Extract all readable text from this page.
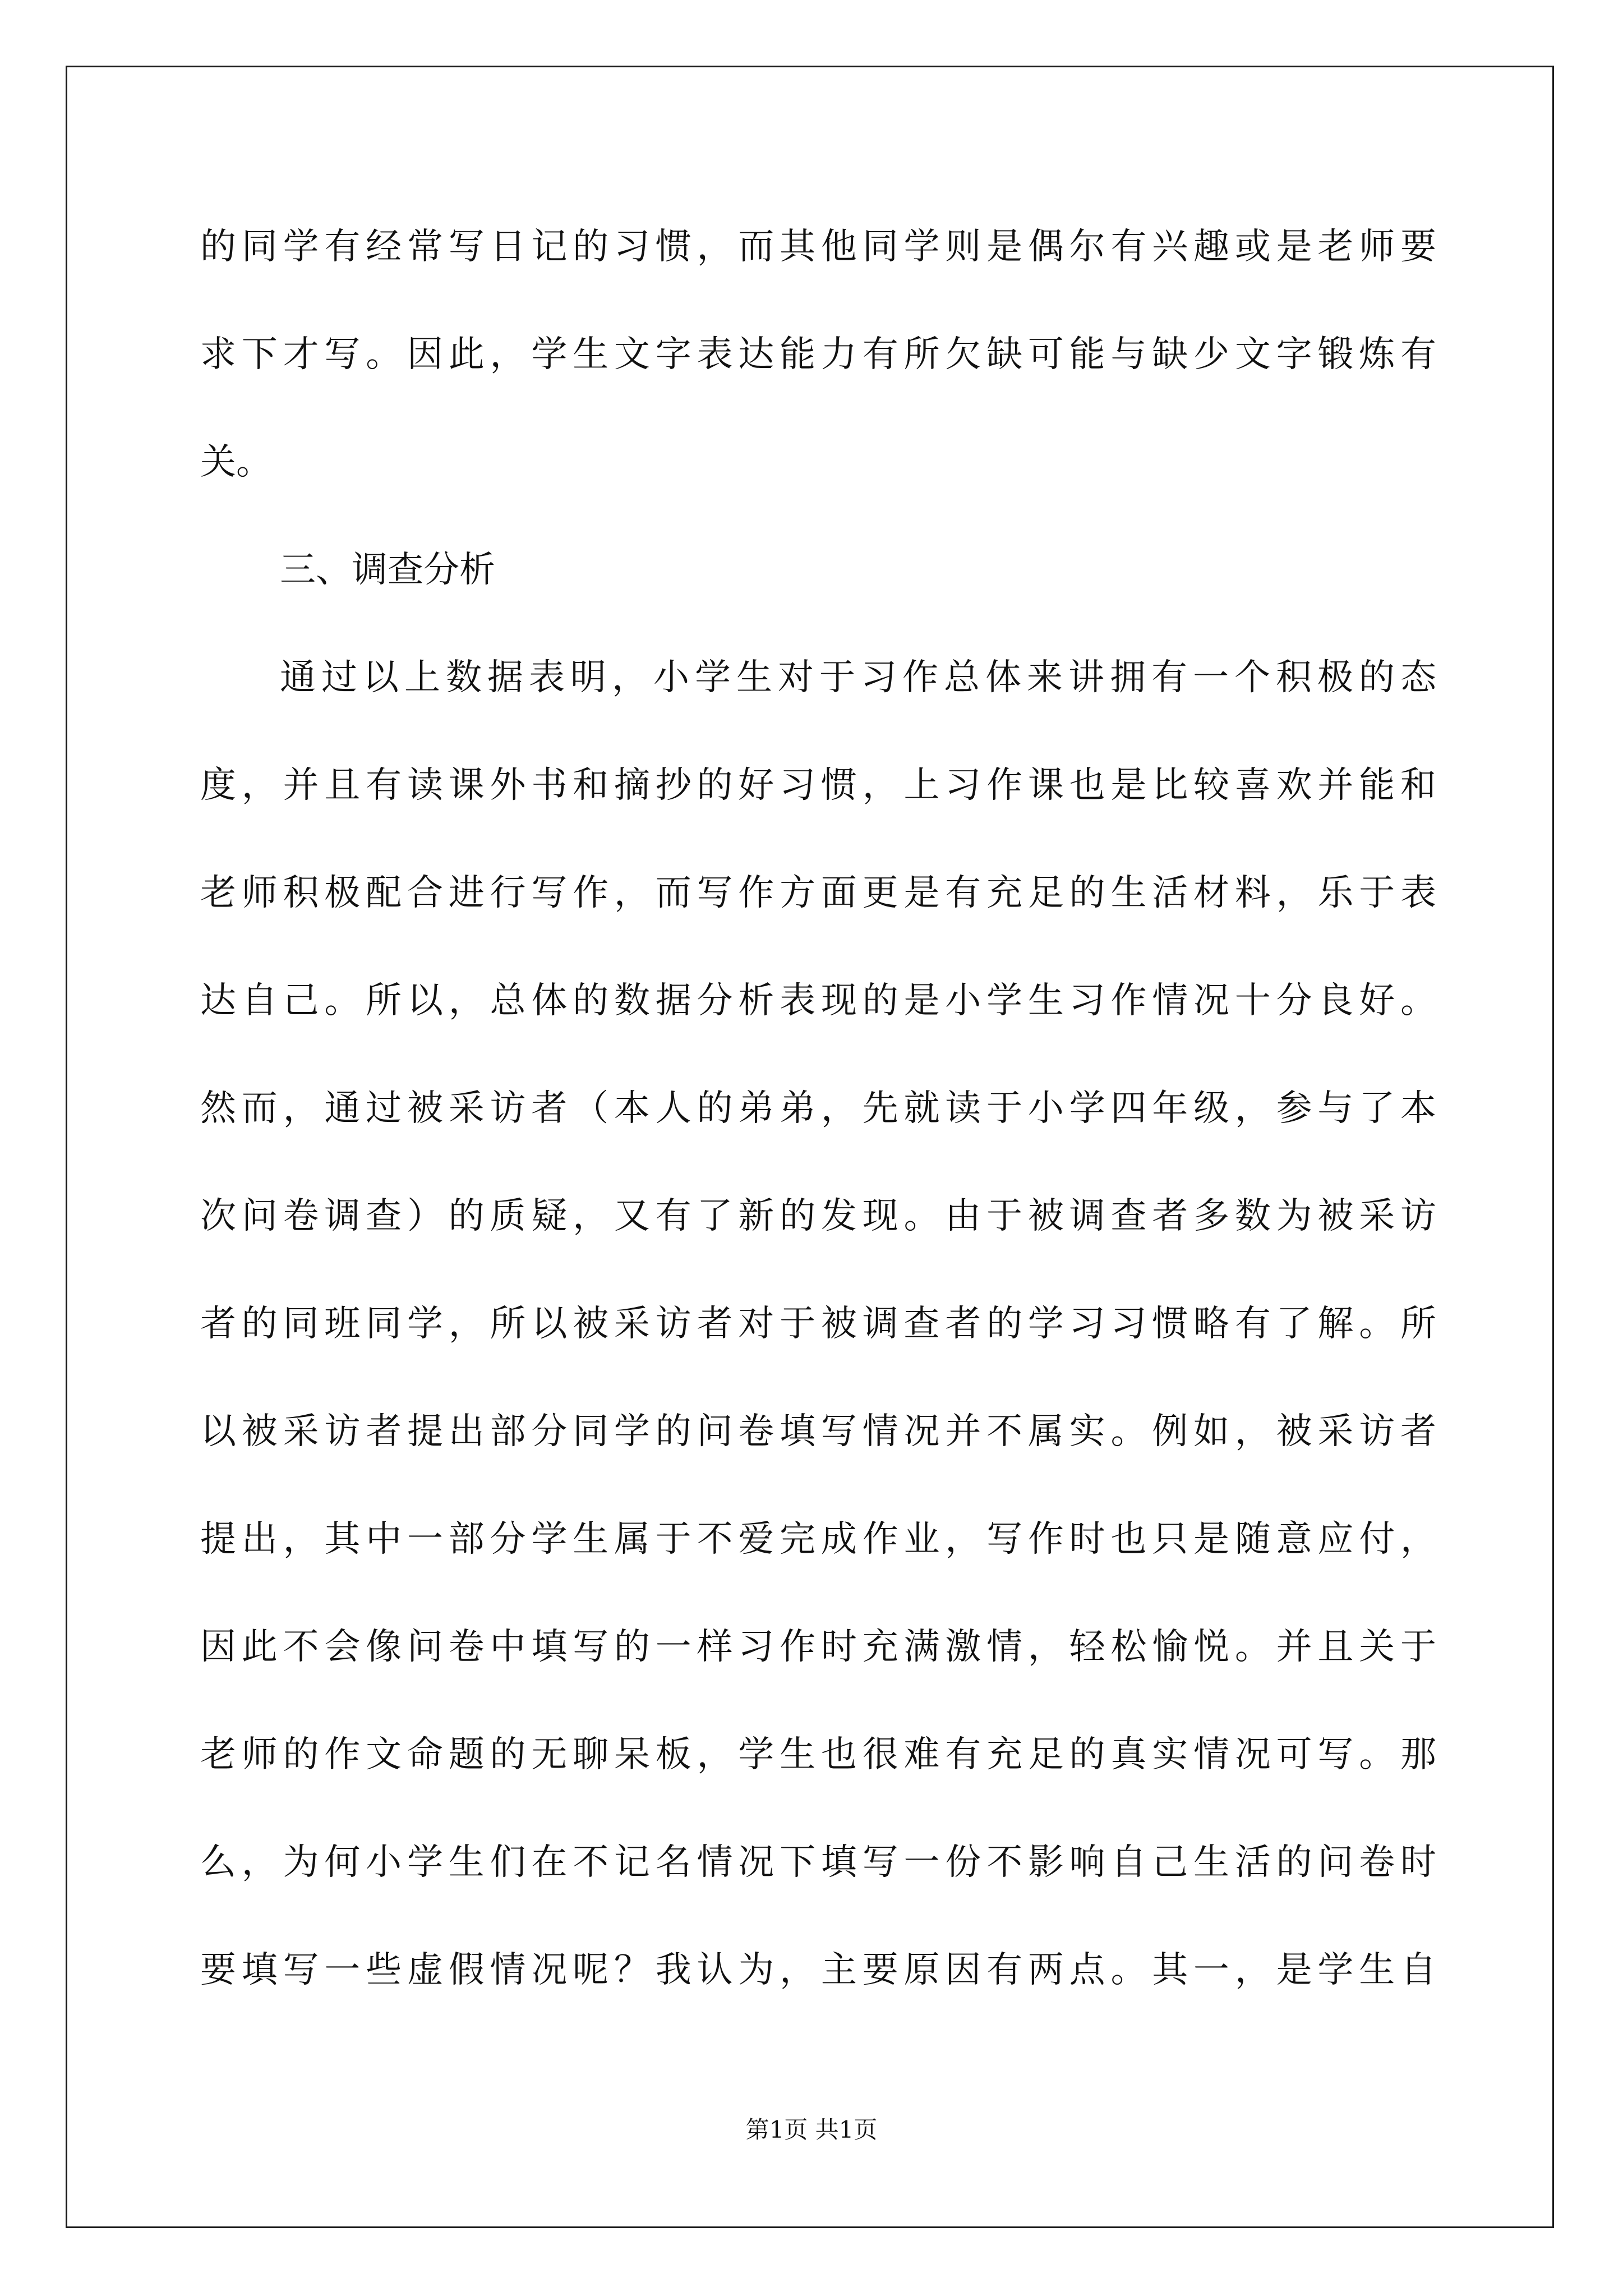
的同学有经常写日记的习惯，而其他同学则是偶尔有兴趣或是老师要
求下才写。因此，学生文字表达能力有所欠缺可能与缺少文字锻炼有
关。
三、调查分析
通过以上数据表明，小学生对于习作总体来讲拥有一个积极的态
度，并且有读课外书和摘抄的好习惯，上习作课也是比较喜欢并能和
老师积极配合进行写作，而写作方面更是有充足的生活材料，乐于表
达自己。所以，总体的数据分析表现的是小学生习作情况十分良好。
然而，通过被采访者（本人的弟弟，先就读于小学四年级，参与了本
次问卷调查）的质疑，又有了新的发现。由于被调查者多数为被采访
者的同班同学，所以被采访者对于被调查者的学习习惯略有了解。所
以被采访者提出部分同学的问卷填写情况并不属实。例如，被采访者
提出，其中一部分学生属于不爱完成作业，写作时也只是随意应付，
因此不会像问卷中填写的一样习作时充满激情，轻松愉悦。并且关于
老师的作文命题的无聊呆板，学生也很难有充足的真实情况可写。那
么，为何小学生们在不记名情况下填写一份不影响自己生活的问卷时
要填写一些虚假情况呢？我认为，主要原因有两点。其一，是学生自
第1页 共1页
